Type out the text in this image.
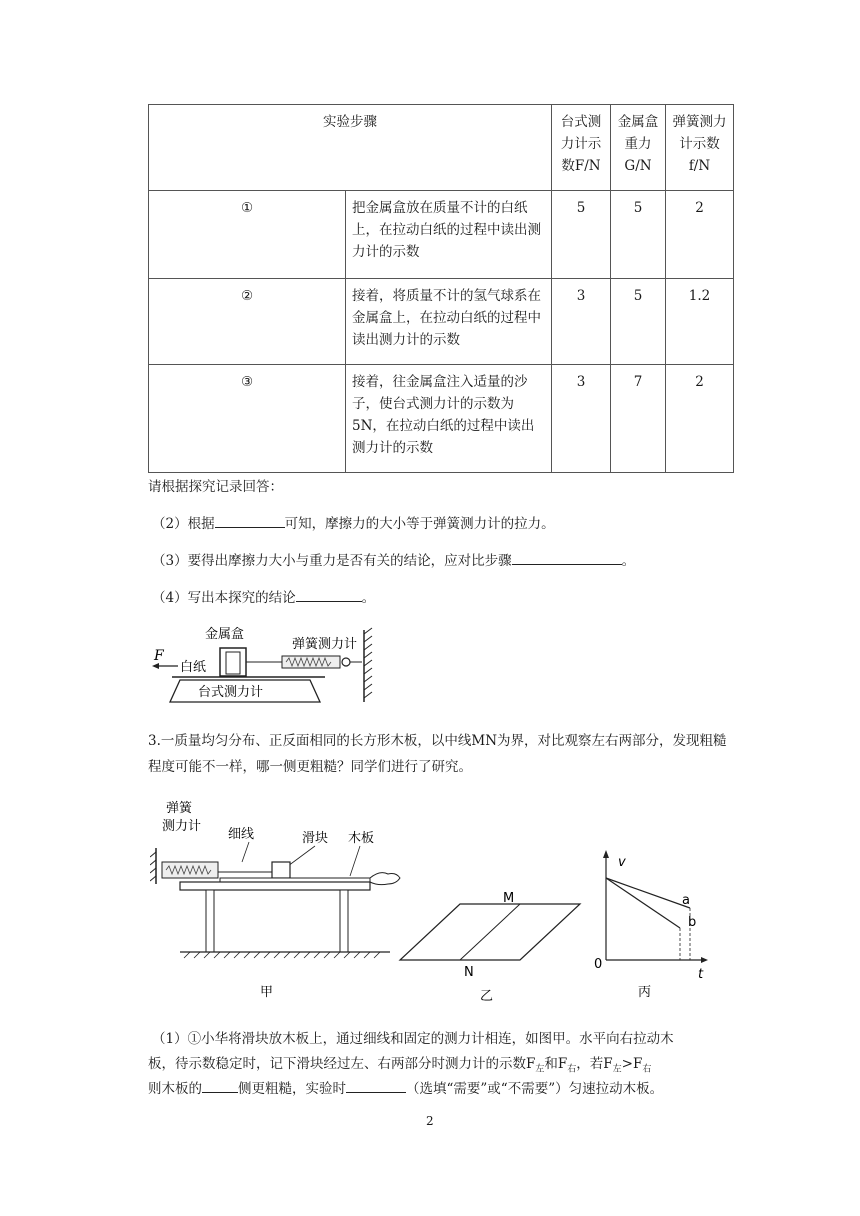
实验步骤		台式测力计示数F/N	金属盒重力G/N	弹簧测力计示数f/N
①	把金属盒放在质量不计的白纸上，在拉动白纸的过程中读出测力计的示数	5	5	2
②	接着，将质量不计的氢气球系在金属盒上，在拉动白纸的过程中读出测力计的示数	3	5	1.2
③	接着，往金属盒注入适量的沙子，使台式测力计的示数为5N，在拉动白纸的过程中读出测力计的示数	3	7	2
请根据探究记录回答：
（2）根据	可知，摩擦力的大小等于弹簧测力计的拉力。
（3）要得出摩擦力大小与重力是否有关的结论，应对比步骤	。
（4）写出本探究的结论	。
金属盒
弹簧测力计
F
白纸
台式测力计
3.一质量均匀分布、正反面相同的长方形木板，以中线MN为界，对比观察左右两部分，发现粗糙程度可能不一样，哪一侧更粗糙？同学们进行了研究。
弹簧
测力计
细线	滑块 木板
甲
M
N
乙
v
t
0
a
b
丙
（1）①小华将滑块放木板上，通过细线和固定的测力计相连，如图甲。水平向右拉动木
板，待示数稳定时，记下滑块经过左、右两部分时测力计的示数$F_左$和$F_右$，若$F_左>F_右$
则木板的	侧更粗糙，实验时	（选填“需要”或“不需要”）匀速拉动木板。
2
